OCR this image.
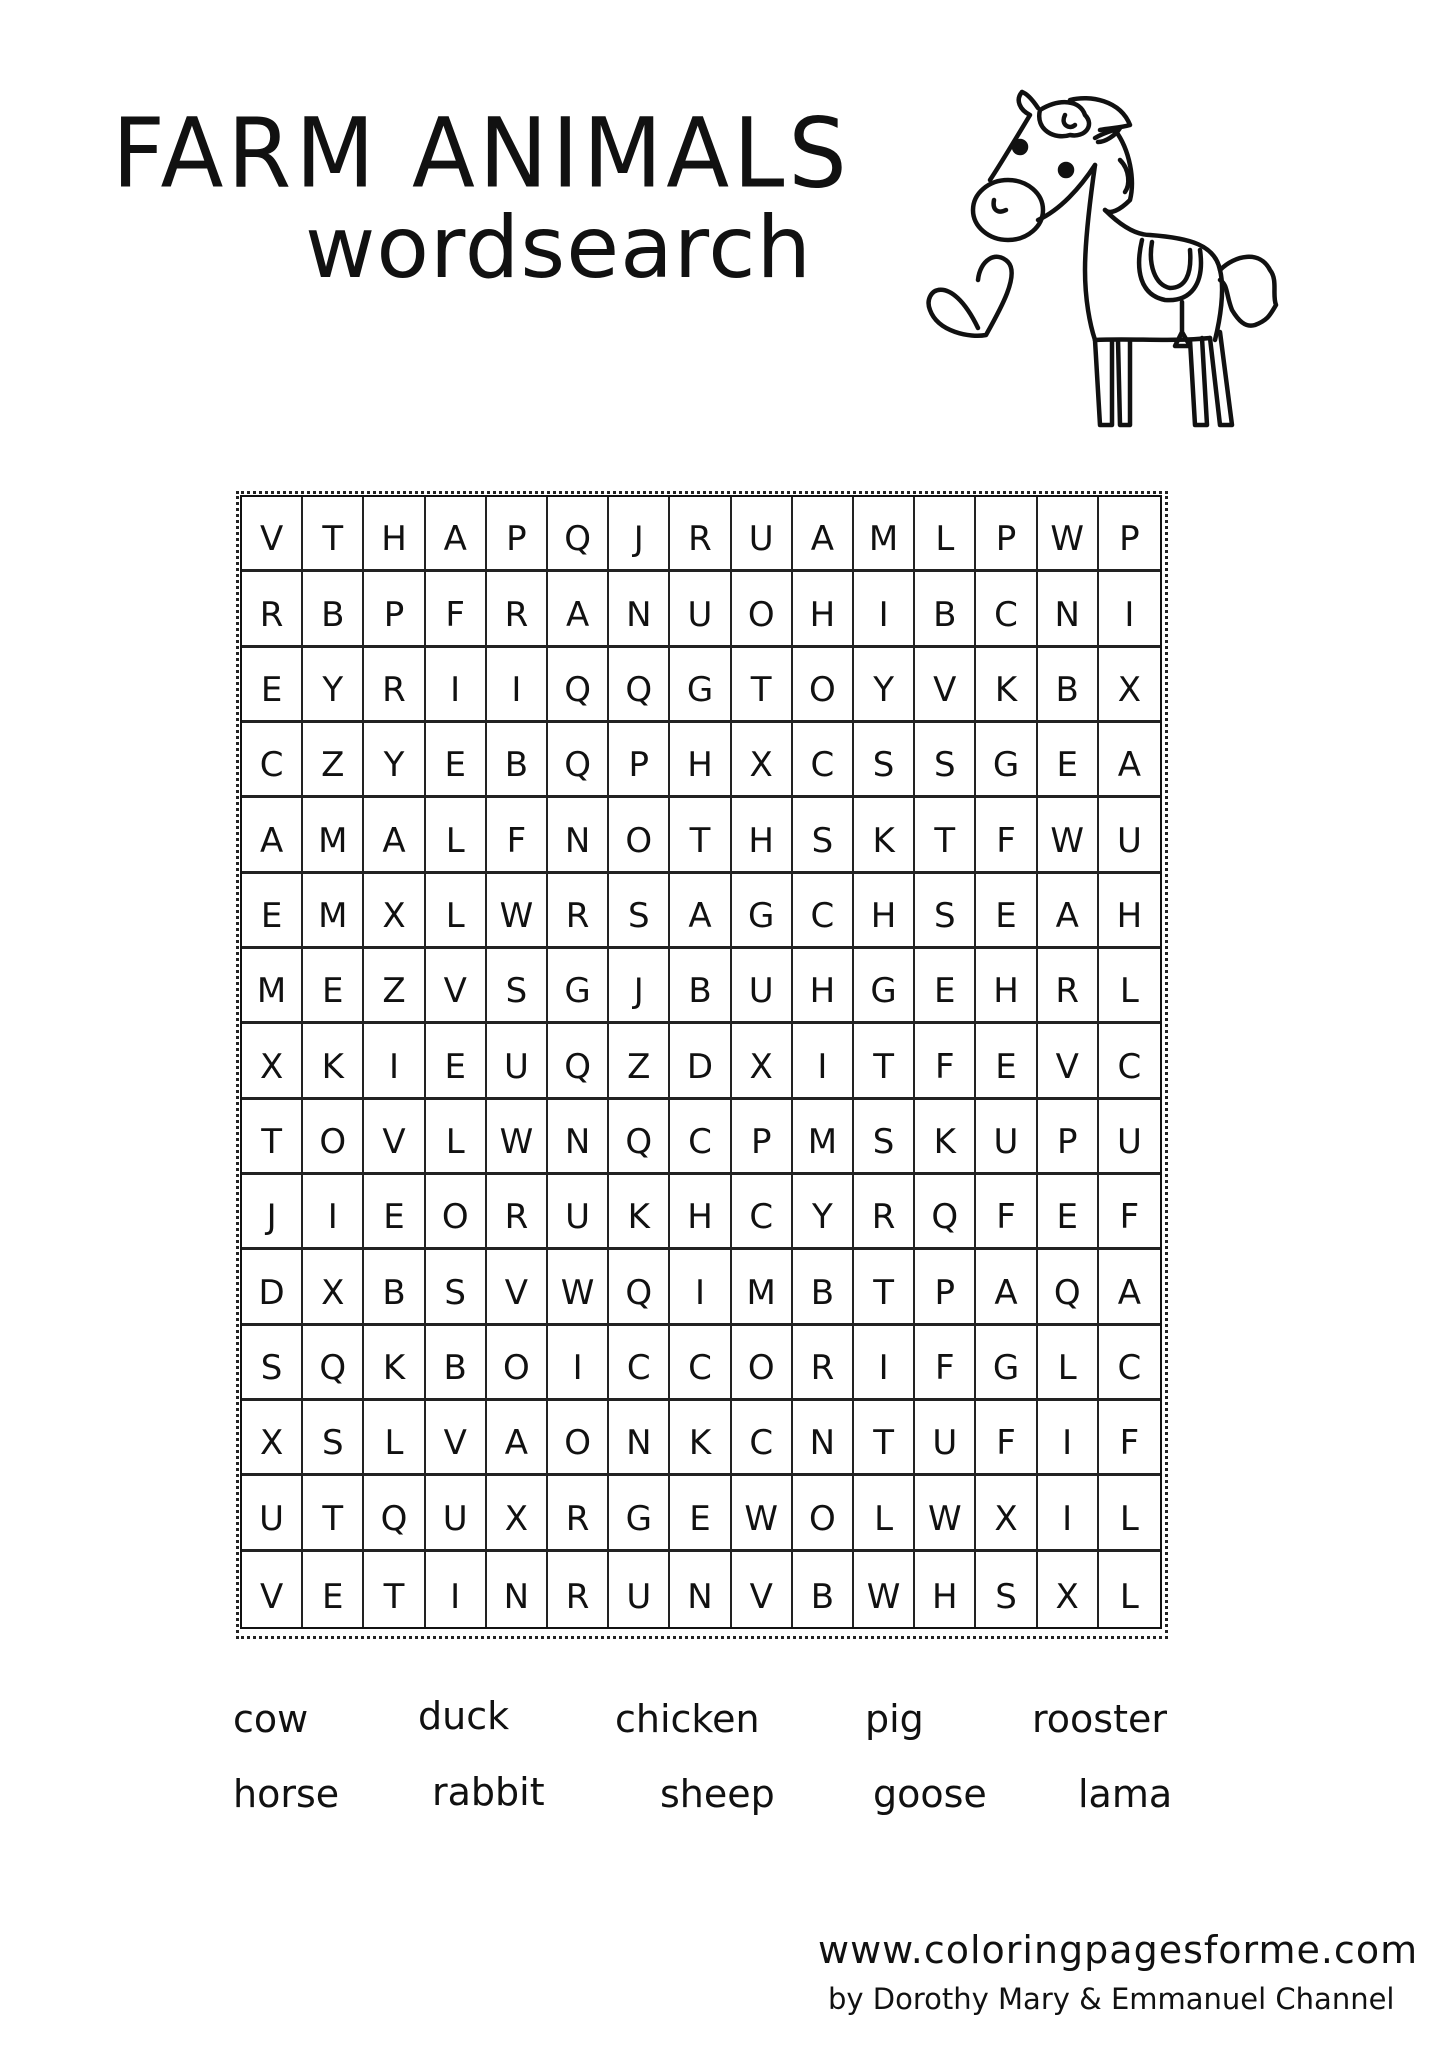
FARM ANIMALS
wordsearch
V	T	H	A	P	Q	J	R	U	A	M	L	P	W	P
R	B	P	F	R	A	N	U	O	H	I	B	C	N	I
E	Y	R	I	I	Q	Q	G	T	O	Y	V	K	B	X
C	Z	Y	E	B	Q	P	H	X	C	S	S	G	E	A
A	M	A	L	F	N	O	T	H	S	K	T	F	W U
E	M	X	L	W R	S	A	G	C	H	S	E	A	H
M	E	Z	V	S	G	J	B	U	H	G	E	H	R	L
X	K	I	E	U	Q	Z	D	X	I	T	F	E	V	C
T	O	V	L	W N	Q	C	P	M	S	K	U	P	U
J	I	E	O	R	U	K	H	C	Y	R	Q	F	E	F
D	X	B	S	V W Q	I	M	B	T	P	A	Q	A
S	Q	K	B	O	I	C	C	O	R	I	F	G	L	C
X	S	L	V	A	O	N	K	C	N	T	U	F	I	F
U	T	Q	U	X	R	G	E W O	L	W X	I	L
V	E	T	I	N	R	U	N	V	B W H	S	X	L
cow	duck	chicken	pig	rooster
horse rabbit	sheep	goose lama
www.coloringpagesforme.com
by Dorothy Mary & Emmanuel Channel
